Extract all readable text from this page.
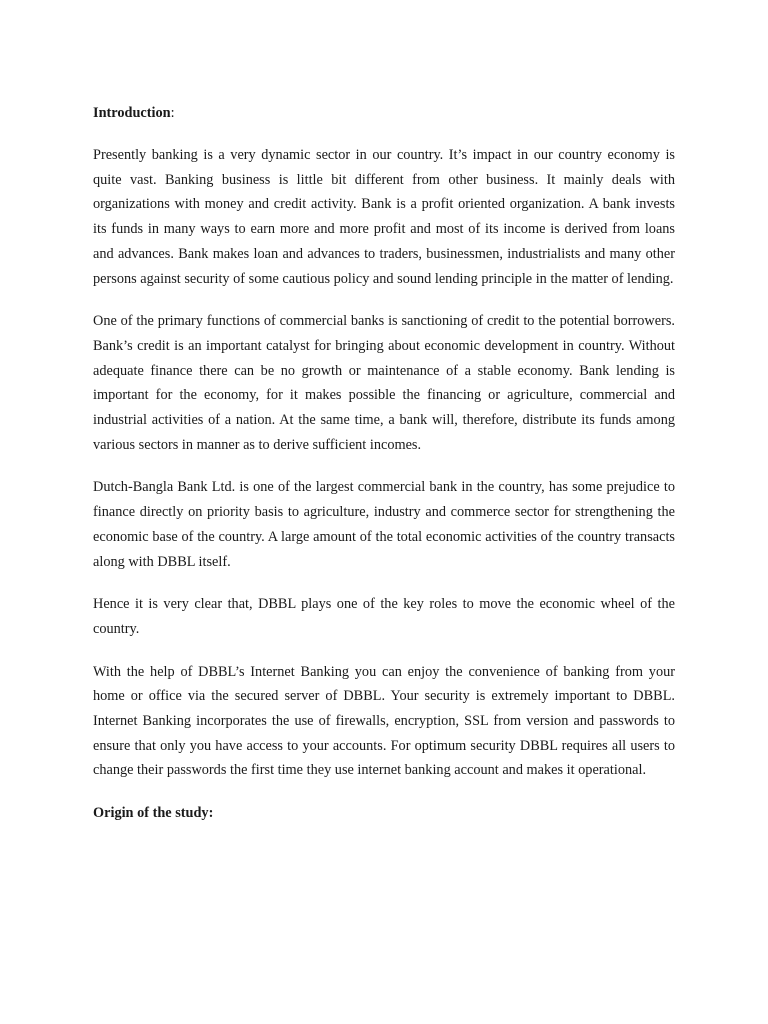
Introduction:

Presently banking is a very dynamic sector in our country. It’s impact in our country economy is quite vast. Banking business is little bit different from other business. It mainly deals with organizations with money and credit activity. Bank is a profit oriented organization. A bank invests its funds in many ways to earn more and more profit and most of its income is derived from loans and advances. Bank makes loan and advances to traders, businessmen, industrialists and many other persons against security of some cautious policy and sound lending principle in the matter of lending.

One of the primary functions of commercial banks is sanctioning of credit to the potential borrowers. Bank’s credit is an important catalyst for bringing about economic development in country. Without adequate finance there can be no growth or maintenance of a stable economy. Bank lending is important for the economy, for it makes possible the financing or agriculture, commercial and industrial activities of a nation. At the same time, a bank will, therefore, distribute its funds among various sectors in manner as to derive sufficient incomes.

Dutch-Bangla Bank Ltd. is one of the largest commercial bank in the country, has some prejudice to finance directly on priority basis to agriculture, industry and commerce sector for strengthening the economic base of the country. A large amount of the total economic activities of the country transacts along with DBBL itself.

Hence it is very clear that, DBBL plays one of the key roles to move the economic wheel of the country.

With the help of DBBL’s Internet Banking you can enjoy the convenience of banking from your home or office via the secured server of DBBL. Your security is extremely important to DBBL. Internet Banking incorporates the use of firewalls, encryption, SSL from version and passwords to ensure that only you have access to your accounts. For optimum security DBBL requires all users to change their passwords the first time they use internet banking account and makes it operational.

Origin of the study:
